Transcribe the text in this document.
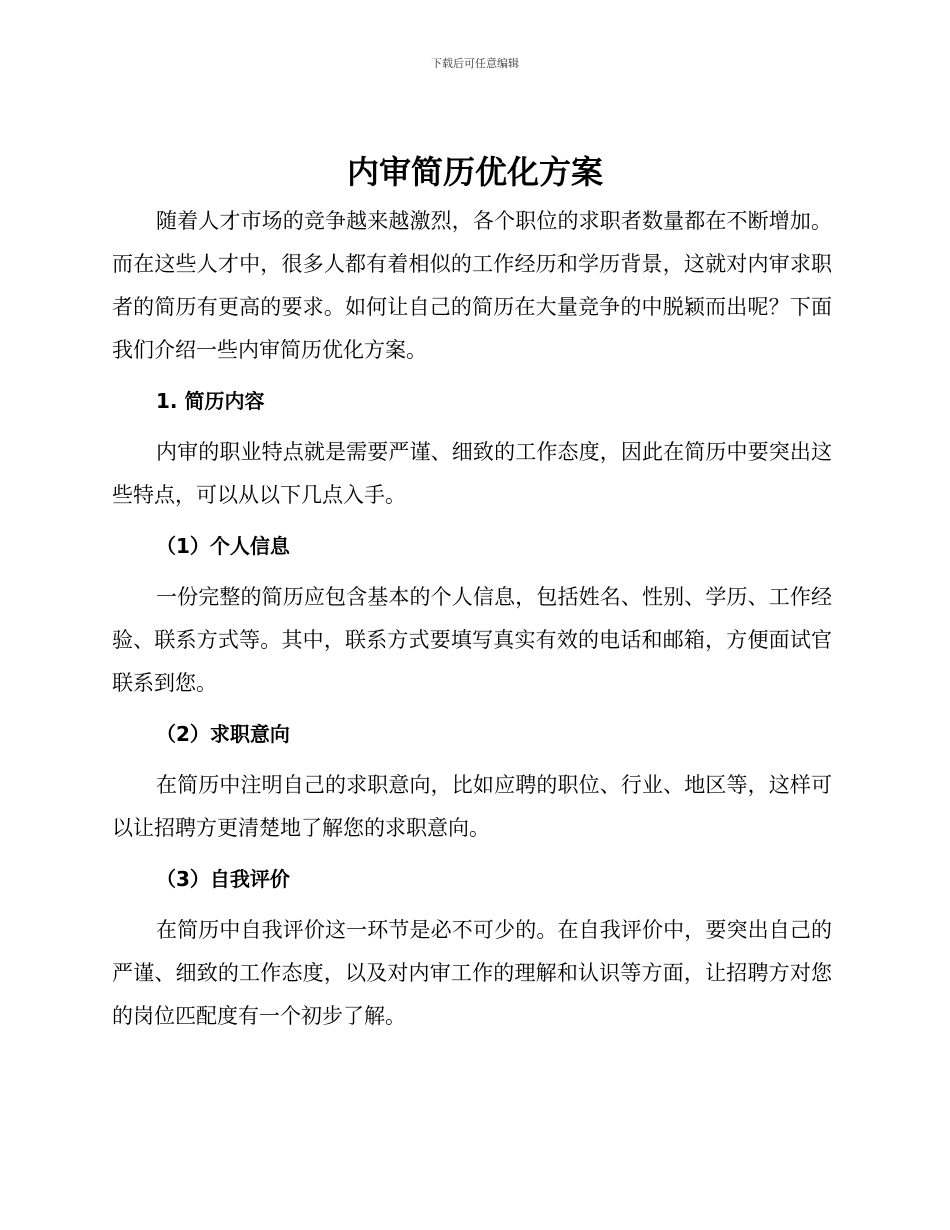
下载后可任意编辑
内审简历优化方案

随着人才市场的竞争越来越激烈，各个职位的求职者数量都在不断增加。而在这些人才中，很多人都有着相似的工作经历和学历背景，这就对内审求职者的简历有更高的要求。如何让自己的简历在大量竞争的中脱颖而出呢？下面我们介绍一些内审简历优化方案。

1. 简历内容

内审的职业特点就是需要严谨、细致的工作态度，因此在简历中要突出这些特点，可以从以下几点入手。

（1）个人信息

一份完整的简历应包含基本的个人信息，包括姓名、性别、学历、工作经验、联系方式等。其中，联系方式要填写真实有效的电话和邮箱，方便面试官联系到您。

（2）求职意向

在简历中注明自己的求职意向，比如应聘的职位、行业、地区等，这样可以让招聘方更清楚地了解您的求职意向。

（3）自我评价

在简历中自我评价这一环节是必不可少的。在自我评价中，要突出自己的严谨、细致的工作态度，以及对内审工作的理解和认识等方面，让招聘方对您的岗位匹配度有一个初步了解。
